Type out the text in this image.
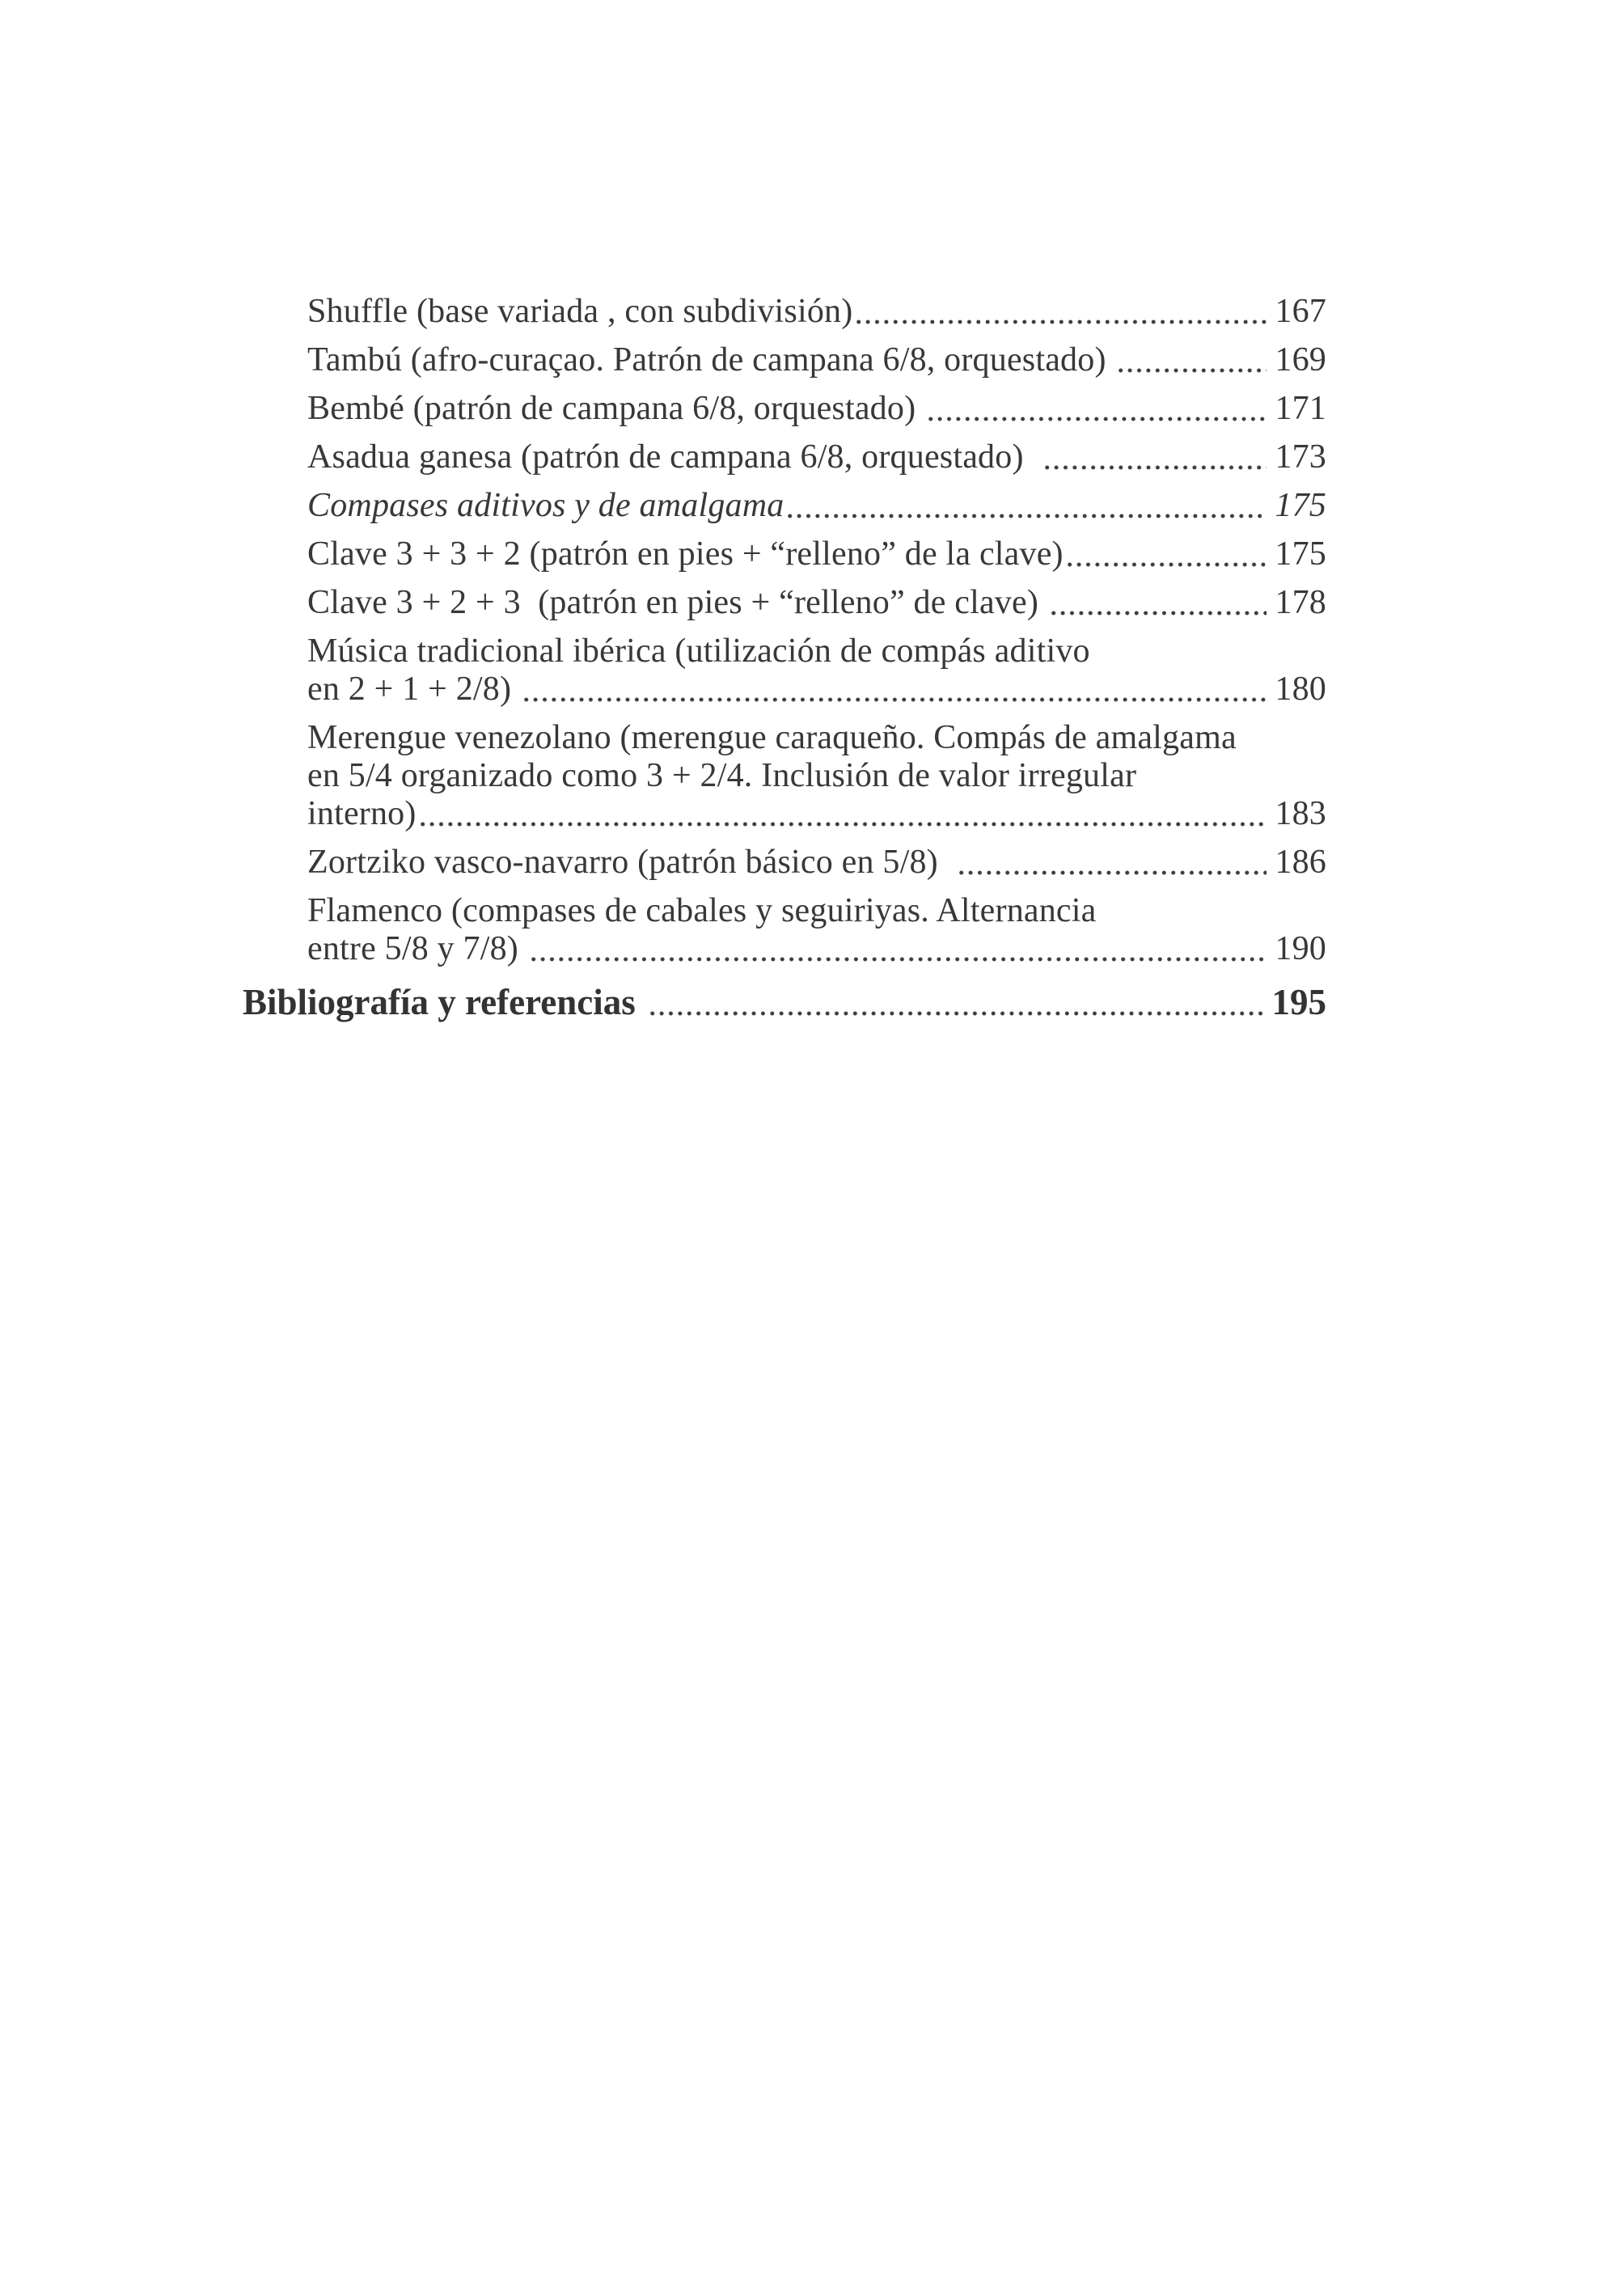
Shuffle (base variada , con subdivisión)	167
Tambú (afro-curaçao. Patrón de campana 6/8, orquestado)	169
Bembé (patrón de campana 6/8, orquestado)	171
Asadua ganesa (patrón de campana 6/8, orquestado)	173
Compases aditivos y de amalgama	175
Clave 3 + 3 + 2 (patrón en pies + “relleno” de la clave)	175
Clave 3 + 2 + 3  (patrón en pies + “relleno” de clave)	178
Música tradicional ibérica (utilización de compás aditivo
en 2 + 1 + 2/8)	180
Merengue venezolano (merengue caraqueño. Compás de amalgama
en 5/4 organizado como 3 + 2/4. Inclusión de valor irregular
interno)	183
Zortziko vasco-navarro (patrón básico en 5/8)	186
Flamenco (compases de cabales y seguiriyas. Alternancia
entre 5/8 y 7/8)	190
Bibliografía y referencias	195
